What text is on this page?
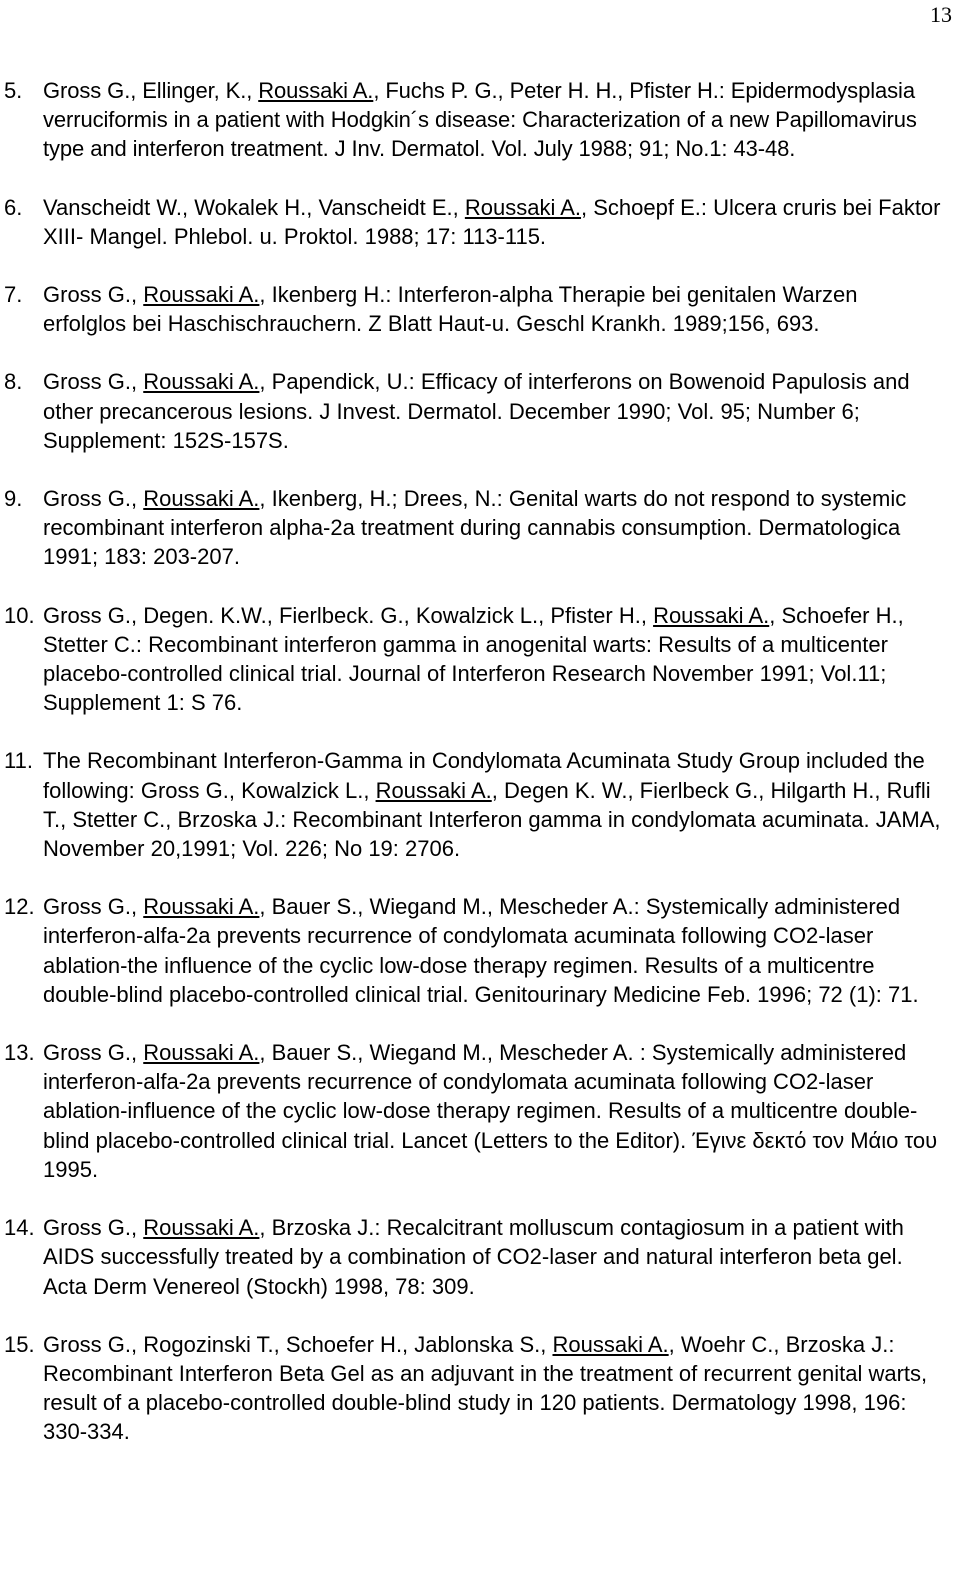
13
5. Gross G., Ellinger, K., Roussaki A., Fuchs P. G., Peter H. H., Pfister H.: Epidermodysplasia verruciformis in a patient with Hodgkin´s disease: Characterization of a new Papillomavirus type and interferon treatment. J Inv. Dermatol. Vol. July 1988; 91; No.1: 43-48.
6. Vanscheidt W., Wokalek H., Vanscheidt E., Roussaki A., Schoepf E.: Ulcera cruris bei Faktor XIII- Mangel. Phlebol. u. Proktol. 1988; 17: 113-115.
7. Gross G., Roussaki A., Ikenberg H.: Interferon-alpha Therapie bei genitalen Warzen erfolglos bei Haschischrauchern. Z Blatt Haut-u. Geschl Krankh. 1989;156, 693.
8. Gross G., Roussaki A., Papendick, U.: Efficacy of interferons on Bowenoid Papulosis and other precancerous lesions. J Invest. Dermatol. December 1990; Vol. 95; Number 6; Supplement: 152S-157S.
9. Gross G., Roussaki A., Ikenberg, H.; Drees, N.: Genital warts do not respond to systemic recombinant interferon alpha-2a treatment during cannabis consumption. Dermatologica 1991; 183: 203-207.
10. Gross G., Degen. K.W., Fierlbeck. G., Kowalzick L., Pfister H., Roussaki A., Schoefer H., Stetter C.: Recombinant interferon gamma in anogenital warts: Results of a multicenter placebo-controlled clinical trial. Journal of Interferon Research November 1991; Vol.11; Supplement 1: S 76.
11. The Recombinant Interferon-Gamma in Condylomata Acuminata Study Group included the following: Gross G., Kowalzick L., Roussaki A., Degen K. W., Fierlbeck G., Hilgarth H., Rufli T., Stetter C., Brzoska J.: Recombinant Interferon gamma in condylomata acuminata. JAMA, November 20,1991; Vol. 226; No 19: 2706.
12. Gross G., Roussaki A., Bauer S., Wiegand M., Mescheder A.: Systemically administered interferon-alfa-2a prevents recurrence of condylomata acuminata following CO2-laser ablation-the influence of the cyclic low-dose therapy regimen. Results of a multicentre double-blind placebo-controlled clinical trial. Genitourinary Medicine Feb. 1996; 72 (1): 71.
13. Gross G., Roussaki A., Bauer S., Wiegand M., Mescheder A. : Systemically administered interferon-alfa-2a prevents recurrence of condylomata acuminata following CO2-laser ablation-influence of the cyclic low-dose therapy regimen. Results of a multicentre double-blind placebo-controlled clinical trial. Lancet (Letters to the Editor). Έγινε δεκτό τον Μάιο του 1995.
14. Gross G., Roussaki A., Brzoska J.: Recalcitrant molluscum contagiosum in a patient with AIDS successfully treated by a combination of CO2-laser and natural interferon beta gel. Acta Derm Venereol (Stockh) 1998, 78: 309.
15. Gross G., Rogozinski T., Schoefer H., Jablonska S., Roussaki A., Woehr C., Brzoska J.: Recombinant Interferon Beta Gel as an adjuvant in the treatment of recurrent genital warts, result of a placebo-controlled double-blind study in 120 patients. Dermatology 1998, 196: 330-334.
